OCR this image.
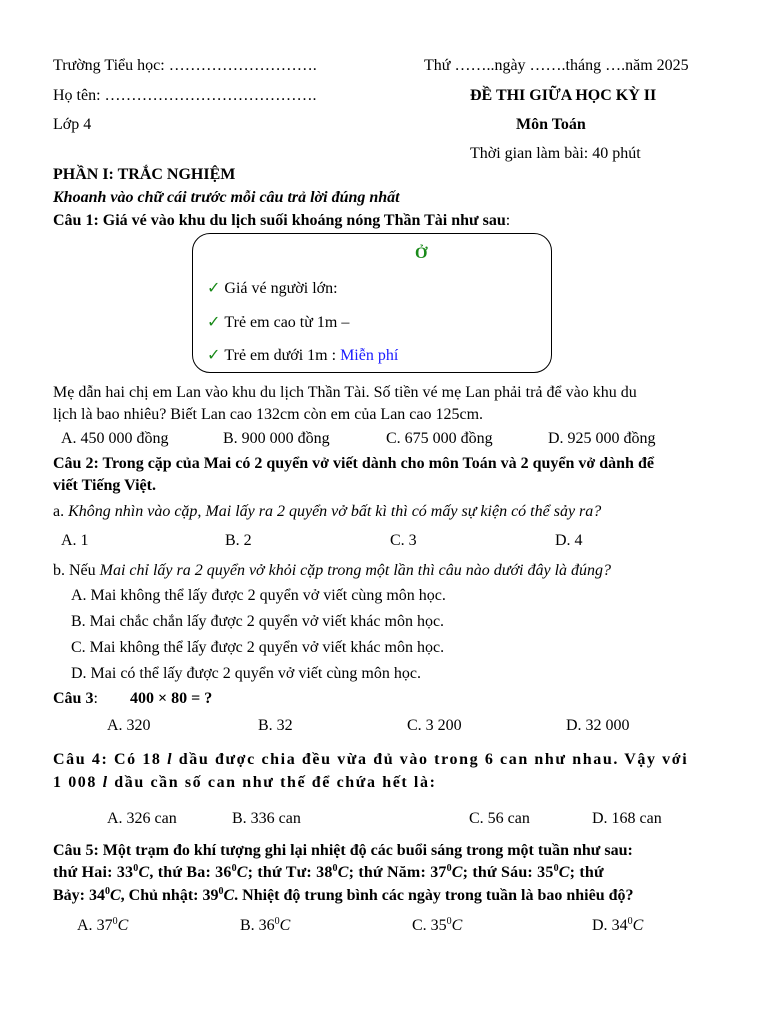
Trường Tiểu học: ……………………….	Thứ ……..ngày …….tháng ….năm 2025
Họ tên: ………………………………….	ĐỀ THI GIỮA HỌC KỲ II
Lớp 4	Môn Toán
Thời gian làm bài: 40 phút
PHẦN I: TRẮC NGHIỆM
Khoanh vào chữ cái trước mỗi câu trả lời đúng nhất
Câu 1: Giá vé vào khu du lịch suối khoáng nóng Thần Tài như sau:
Ở
✓ Giá vé người lớn:
✓ Trẻ em cao từ 1m –
✓ Trẻ em dưới 1m : Miễn phí
Mẹ dẫn hai chị em Lan vào khu du lịch Thần Tài. Số tiền vé mẹ Lan phải trả để vào khu du
lịch là bao nhiêu? Biết Lan cao 132cm còn em của Lan cao 125cm.
A. 450 000 đồng	B. 900 000 đồng	C. 675 000 đồng	D. 925 000 đồng
Câu 2: Trong cặp của Mai có 2 quyển vở viết dành cho môn Toán và 2 quyển vở dành để
viết Tiếng Việt.
a. Không nhìn vào cặp, Mai lấy ra 2 quyển vở bất kì thì có mấy sự kiện có thể sảy ra?
A. 1	B. 2	C. 3	D. 4
b. Nếu Mai chỉ lấy ra 2 quyển vở khỏi cặp trong một lần thì câu nào dưới đây là đúng?
A. Mai không thể lấy được 2 quyển vở viết cùng môn học.
B. Mai chắc chắn lấy được 2 quyển vở viết khác môn học.
C. Mai không thể lấy được 2 quyển vở viết khác môn học.
D. Mai có thể lấy được 2 quyển vở viết cùng môn học.
Câu 3: 400 × 80 = ?
A. 320	B. 32	C. 3 200	D. 32 000
Câu 4: Có 18 l dầu được chia đều vừa đủ vào trong 6 can như nhau. Vậy với
1 008 l dầu cần số can như thế để chứa hết là:
A. 326 can	B. 336 can	C. 56 can	D. 168 can
Câu 5: Một trạm đo khí tượng ghi lại nhiệt độ các buổi sáng trong một tuần như sau:
thứ Hai: $33^0C$, thứ Ba: $36^0C$; thứ Tư: $38^0C$; thứ Năm: $37^0C$; thứ Sáu: $35^0C$; thứ
Bảy: $34^0C$, Chủ nhật: $39^0C$. Nhiệt độ trung bình các ngày trong tuần là bao nhiêu độ?
A. $37^0C$	B. $36^0C$	C. $35^0C$	D. $34^0C$
